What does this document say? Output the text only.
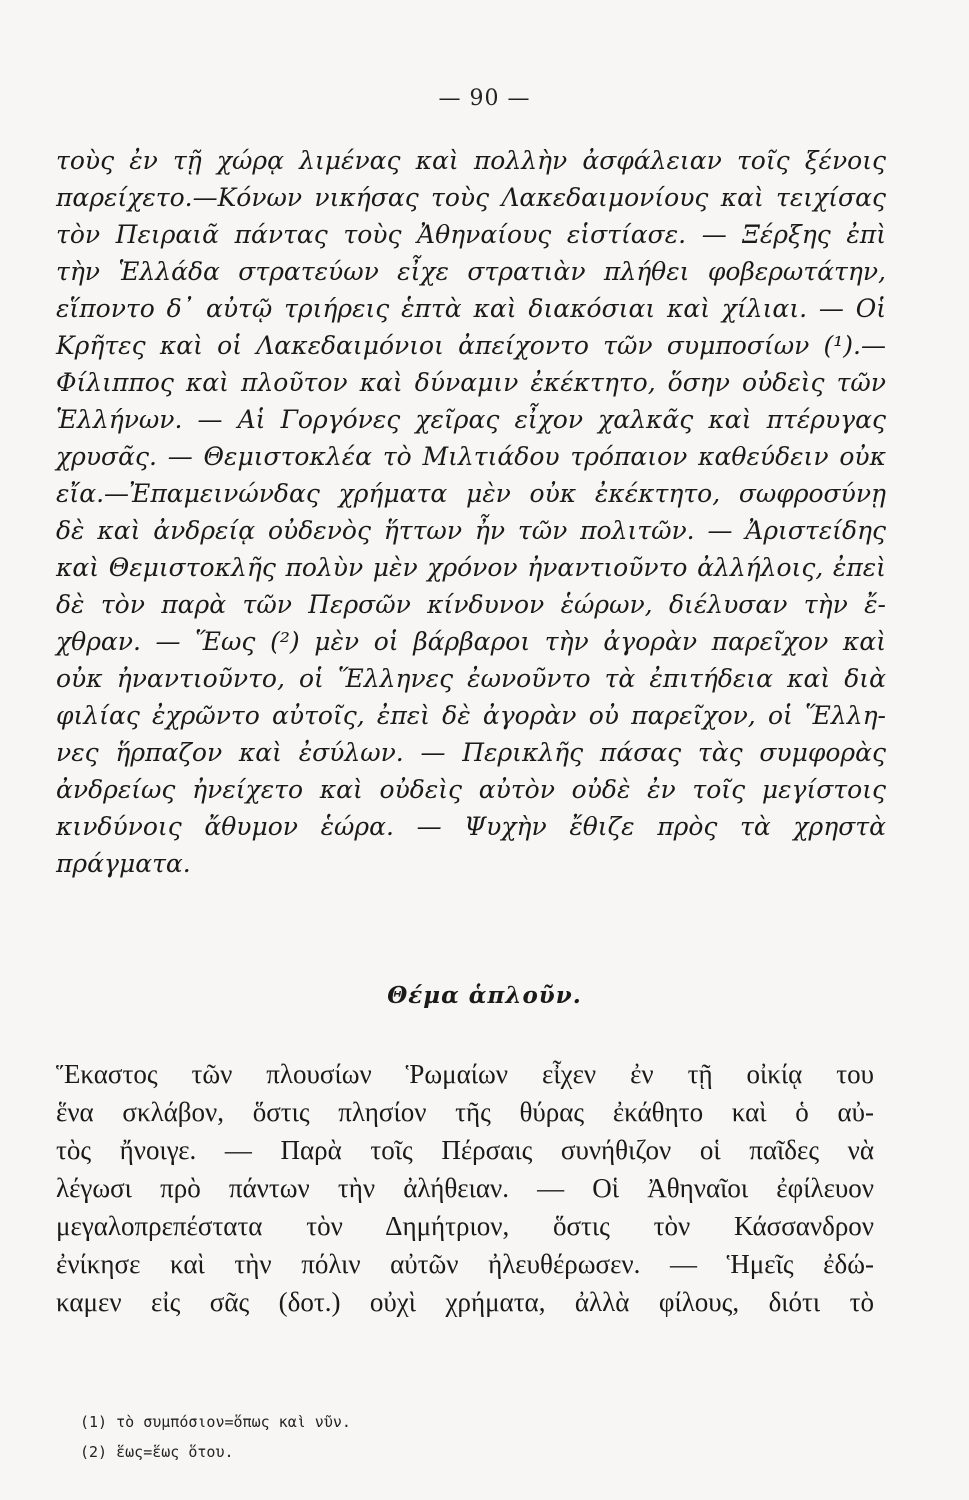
— 90 —
τοὺς ἐν τῇ χώρᾳ λιμένας καὶ πολλὴν ἀσφάλειαν τοῖς ξένοις
παρείχετο.—Κόνων νικήσας τοὺς Λακεδαιμονίους καὶ τειχίσας
τὸν Πειραιᾶ πάντας τοὺς Ἀθηναίους εἱστίασε. — Ξέρξης ἐπὶ
τὴν Ἑλλάδα στρατεύων εἶχε στρατιὰν πλήθει φοβερωτάτην,
εἵποντο δ᾽ αὐτῷ τριήρεις ἑπτὰ καὶ διακόσιαι καὶ χίλιαι. — Οἱ
Κρῆτες καὶ οἱ Λακεδαιμόνιοι ἀπείχοντο τῶν συμποσίων (¹).—
Φίλιππος καὶ πλοῦτον καὶ δύναμιν ἐκέκτητο, ὅσην οὐδεὶς τῶν
Ἑλλήνων. — Αἱ Γοργόνες χεῖρας εἶχον χαλκᾶς καὶ πτέρυγας
χρυσᾶς. — Θεμιστοκλέα τὸ Μιλτιάδου τρόπαιον καθεύδειν οὐκ
εἴα.—Ἐπαμεινώνδας χρήματα μὲν οὐκ ἐκέκτητο, σωφροσύνῃ
δὲ καὶ ἀνδρείᾳ οὐδενὸς ἥττων ἦν τῶν πολιτῶν. — Ἀριστείδης
καὶ Θεμιστοκλῆς πολὺν μὲν χρόνον ἠναντιοῦντο ἀλλήλοις, ἐπεὶ
δὲ τὸν παρὰ τῶν Περσῶν κίνδυνον ἑώρων, διέλυσαν τὴν ἔ-
χθραν. — Ἕως (²) μὲν οἱ βάρβαροι τὴν ἀγορὰν παρεῖχον καὶ
οὐκ ἠναντιοῦντο, οἱ Ἕλληνες ἐωνοῦντο τὰ ἐπιτήδεια καὶ διὰ
φιλίας ἐχρῶντο αὐτοῖς, ἐπεὶ δὲ ἀγορὰν οὐ παρεῖχον, οἱ Ἕλλη-
νες ἥρπαζον καὶ ἐσύλων. — Περικλῆς πάσας τὰς συμφορὰς
ἀνδρείως ἠνείχετο καὶ οὐδεὶς αὐτὸν οὐδὲ ἐν τοῖς μεγίστοις
κινδύνοις ἄθυμον ἑώρα. — Ψυχὴν ἔθιζε πρὸς τὰ χρηστὰ
πράγματα.
Θέμα ἁπλοῦν.
Ἕκαστος τῶν πλουσίων Ῥωμαίων εἶχεν ἐν τῇ οἰκίᾳ του
ἕνα σκλάβον, ὅστις πλησίον τῆς θύρας ἐκάθητο καὶ ὁ αὐ-
τὸς ἤνοιγε. — Παρὰ τοῖς Πέρσαις συνήθιζον οἱ παῖδες νὰ
λέγωσι πρὸ πάντων τὴν ἀλήθειαν. — Οἱ Ἀθηναῖοι ἐφίλευον
μεγαλοπρεπέστατα τὸν Δημήτριον, ὅστις τὸν Κάσσανδρον
ἐνίκησε καὶ τὴν πόλιν αὐτῶν ἠλευθέρωσεν. — Ἡμεῖς ἐδώ-
καμεν εἰς σᾶς (δοτ.) οὐχὶ χρήματα, ἀλλὰ φίλους, διότι τὸ
(1) τὸ συμπόσιον=ὅπως καὶ νῦν.
(2) ἕως=ἕως ὅτου.
